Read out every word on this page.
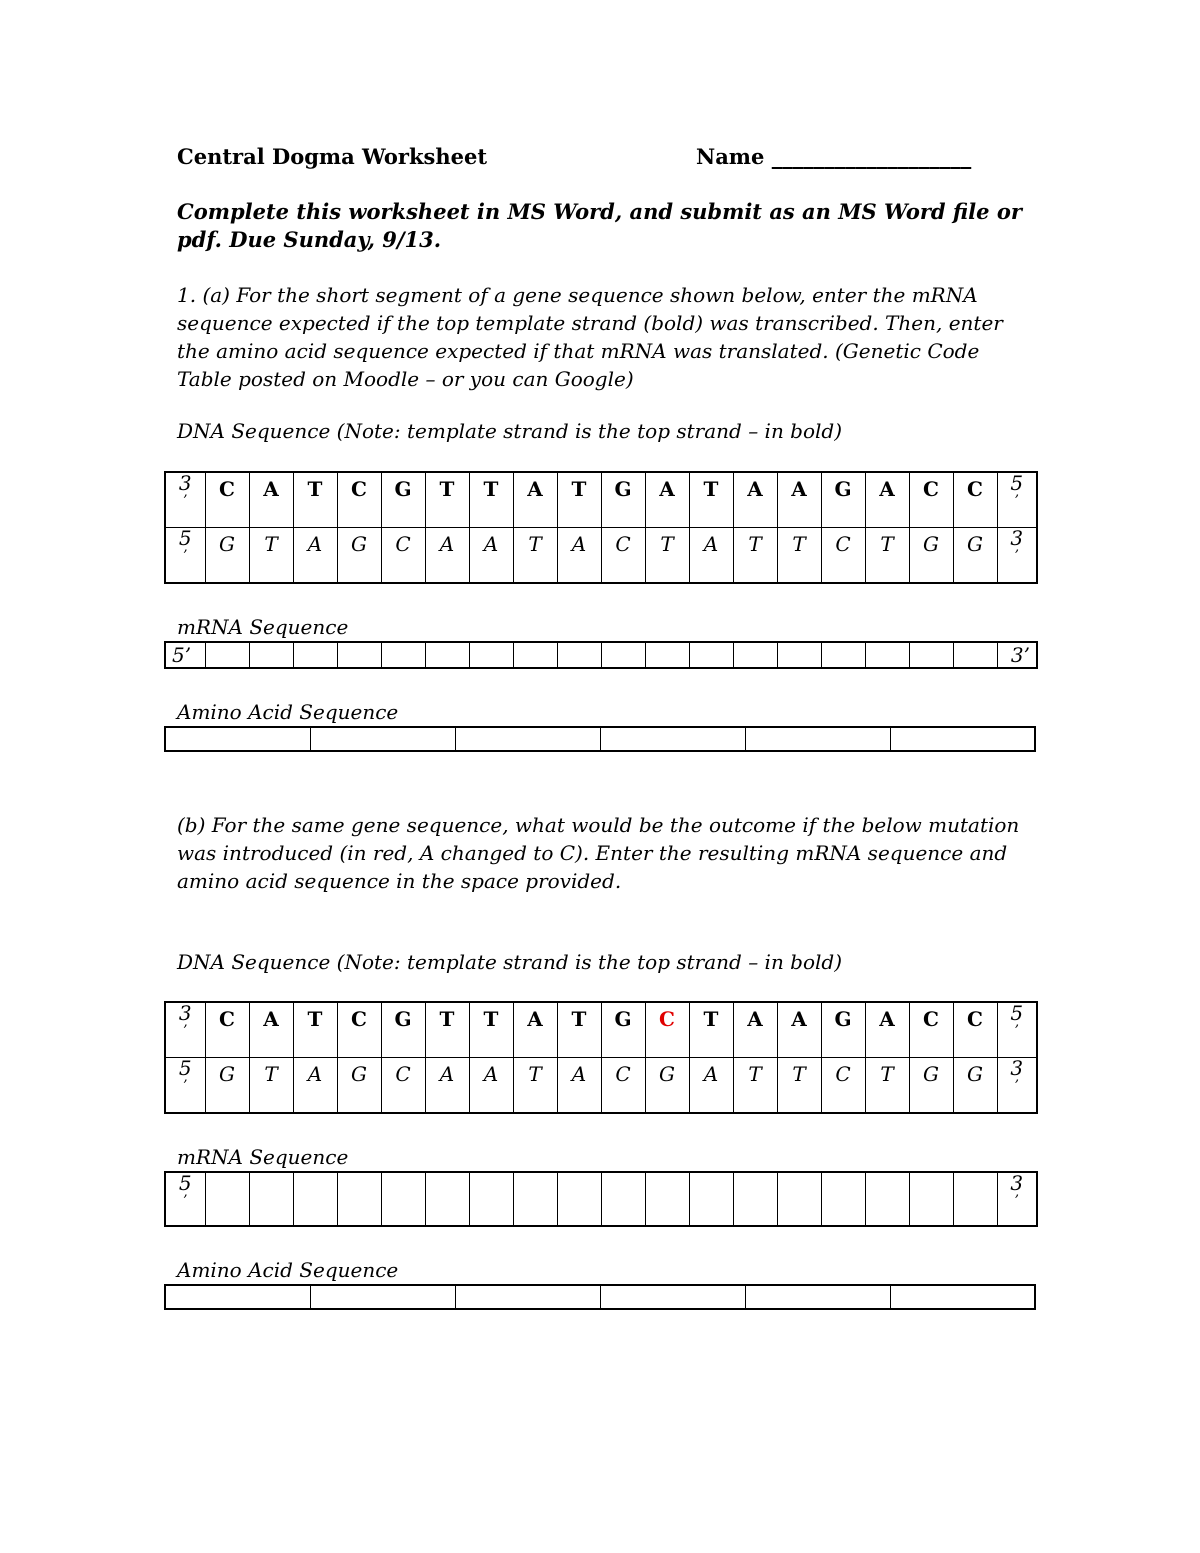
Central Dogma Worksheet	Name ___________________
Complete this worksheet in MS Word, and submit as an MS Word file or pdf. Due Sunday, 9/13.
1. (a) For the short segment of a gene sequence shown below, enter the mRNA sequence expected if the top template strand (bold) was transcribed. Then, enter the amino acid sequence expected if that mRNA was translated. (Genetic Code Table posted on Moodle – or you can Google)
DNA Sequence (Note: template strand is the top strand – in bold)
3
’	C	A	T	C	G	T	T	A	T	G	A	T	A	A	G	A	C	C	5
’

5
’	G	T	A	G	C	A	A	T	A	C	T	A	T	T	C	T	G	G	3
’
mRNA Sequence
5’																			3’
Amino Acid Sequence

(b) For the same gene sequence, what would be the outcome if the below mutation was introduced (in red, A changed to C). Enter the resulting mRNA sequence and amino acid sequence in the space provided.
DNA Sequence (Note: template strand is the top strand – in bold)
3
’	C	A	T	C	G	T	T	A	T	G	C	T	A	A	G	A	C	C	5
’

5
’	G	T	A	G	C	A	A	T	A	C	G	A	T	T	C	T	G	G	3
’
mRNA Sequence
5
’
																			3
’
Amino Acid Sequence
